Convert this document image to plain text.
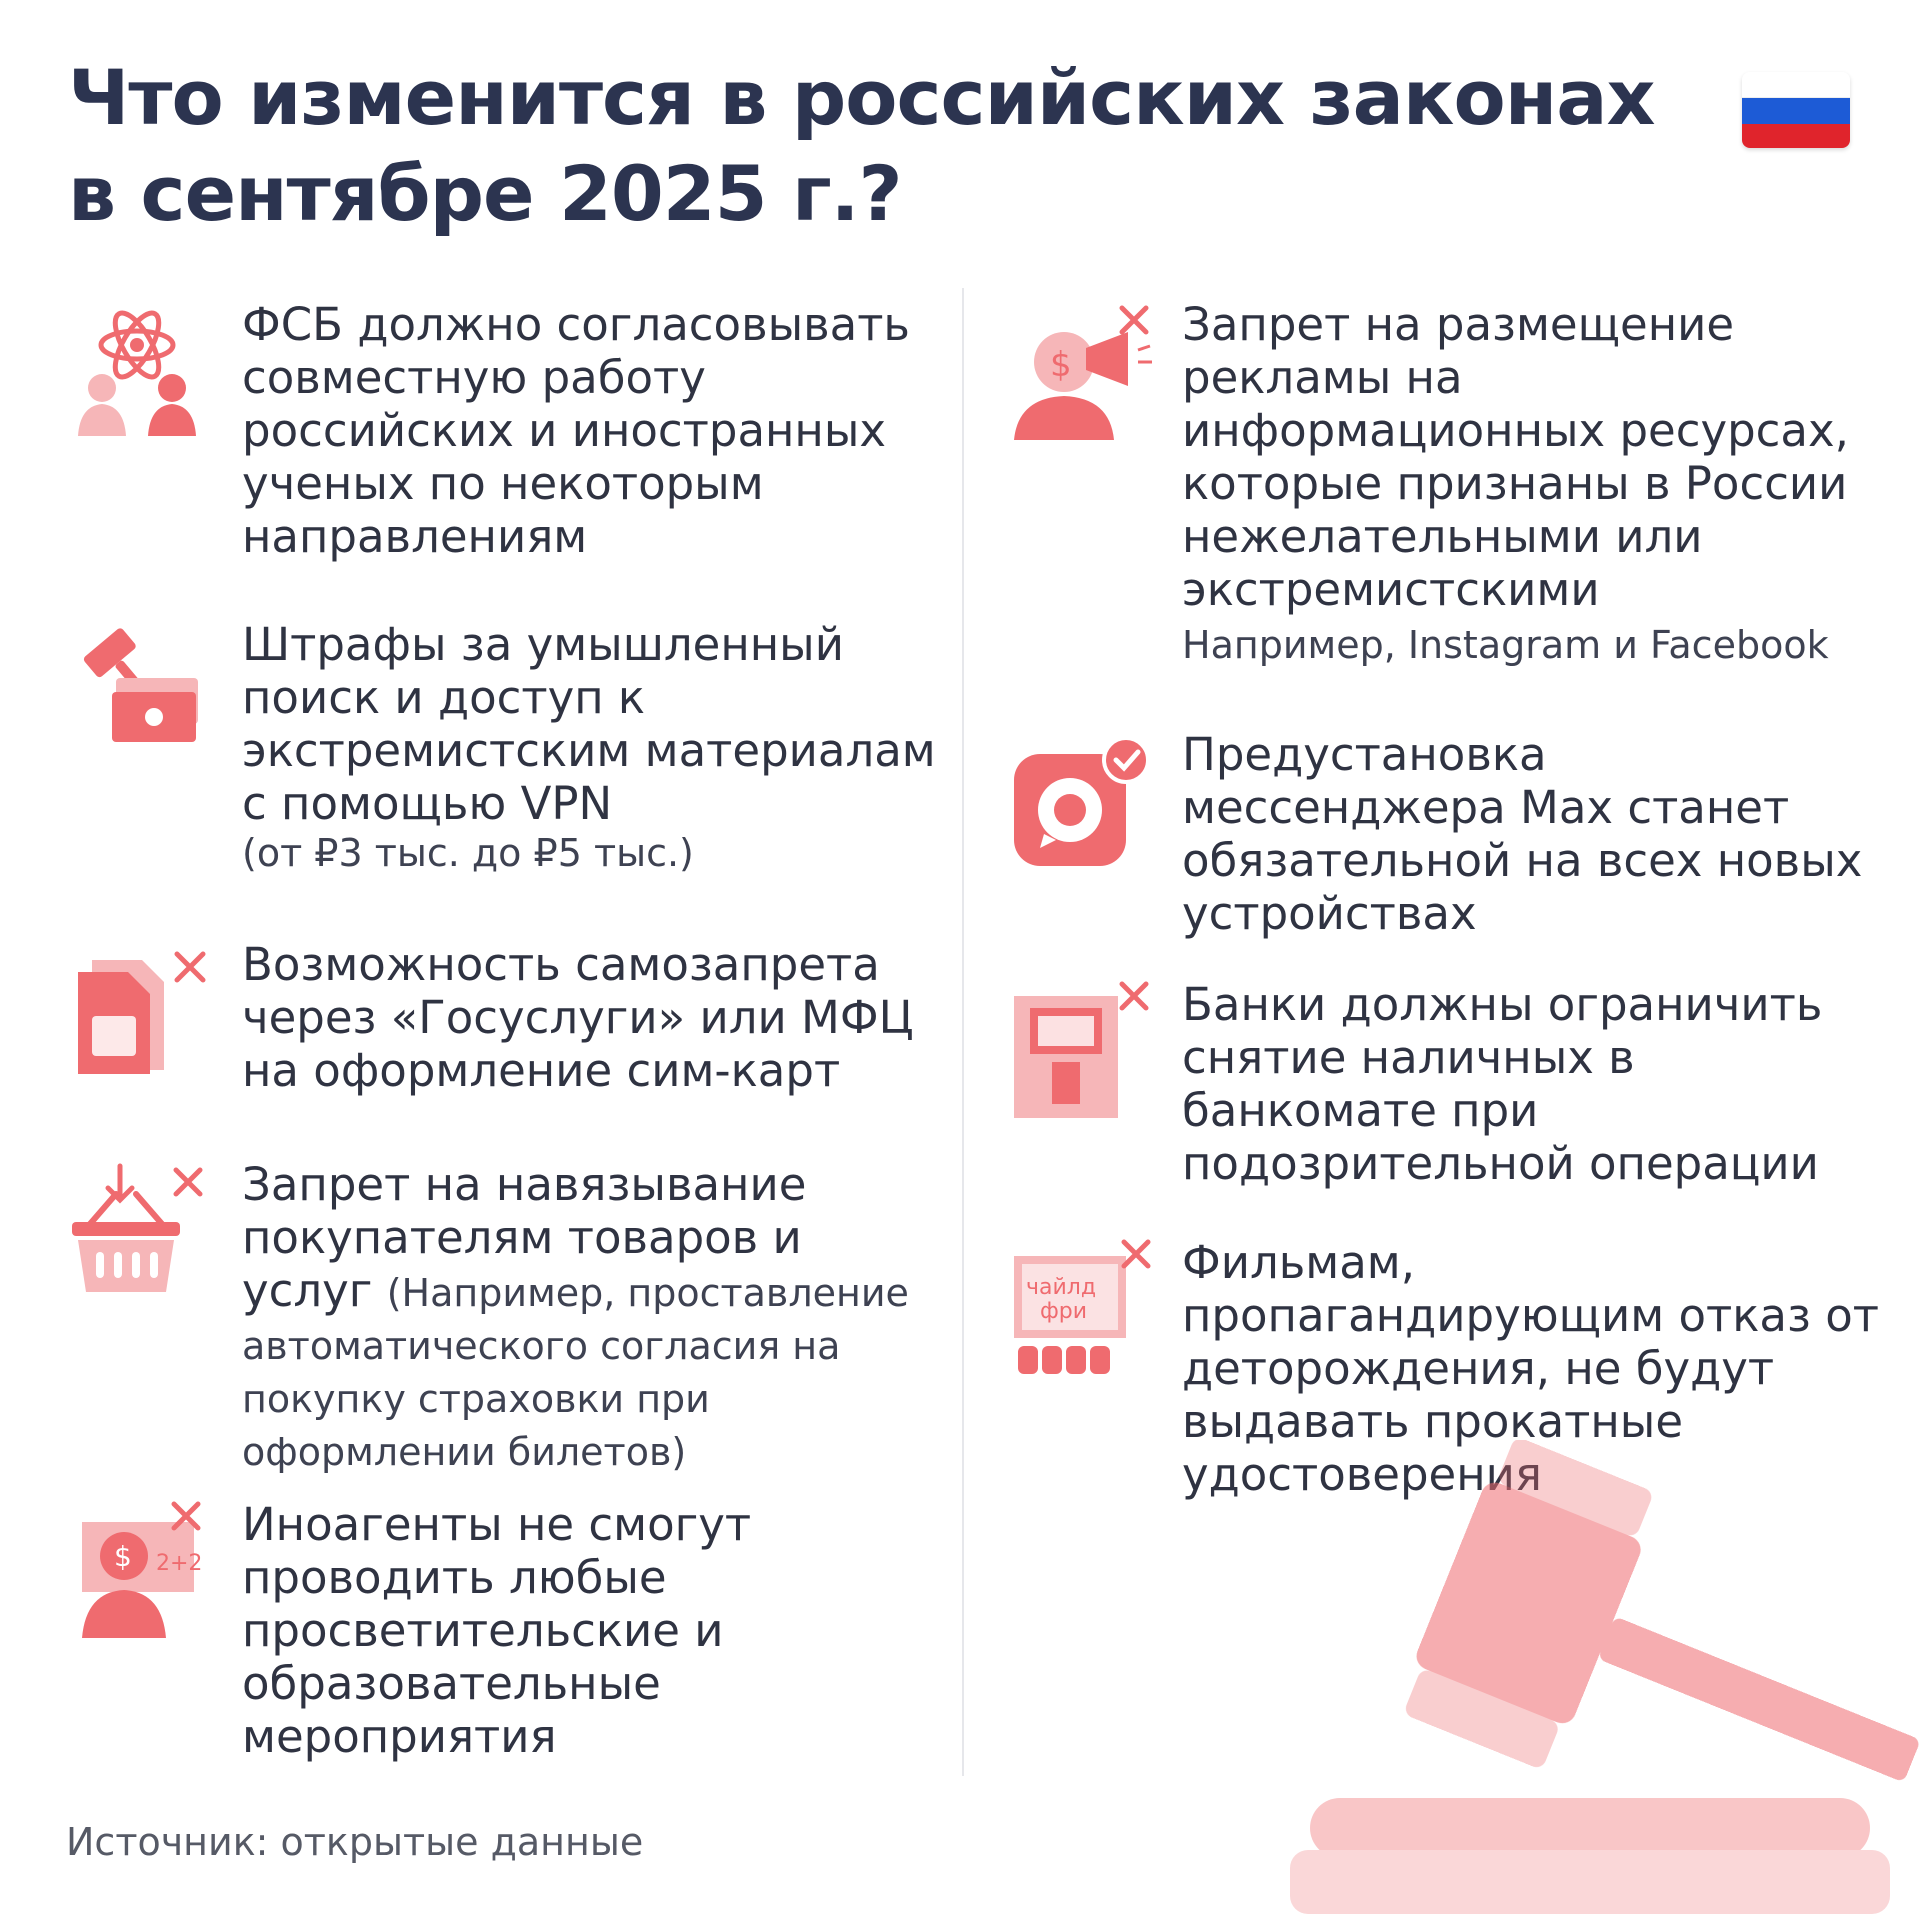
Что изменится в российских законах
в сентябре 2025 г.?
ФСБ должно согласовывать совместную работу российских и иностранных ученых по некоторым направлениям
Штрафы за умышленный поиск и доступ к экстремистским материалам с помощью VPN
(от ₽3 тыс. до ₽5 тыс.)
Возможность самозапрета через «Госуслуги» или МФЦ на оформление сим-карт
Запрет на навязывание покупателям товаров и услуг (Например, проставление автоматического согласия на покупку страховки при оформлении билетов)
2+2
$
Иноагенты не смогут проводить любые просветительские и образовательные мероприятия
$
Запрет на размещение рекламы на информационных ресурсах, которые признаны в России нежелательными или экстремистскими
Например, Instagram и Facebook
Предустановка мессенджера Max станет обязательной на всех новых устройствах
Банки должны ограничить снятие наличных в банкомате при подозрительной операции
чайлд
фри
Фильмам, пропагандирующим отказ от деторождения, не будут выдавать прокатные удостоверения
Источник: открытые данные
